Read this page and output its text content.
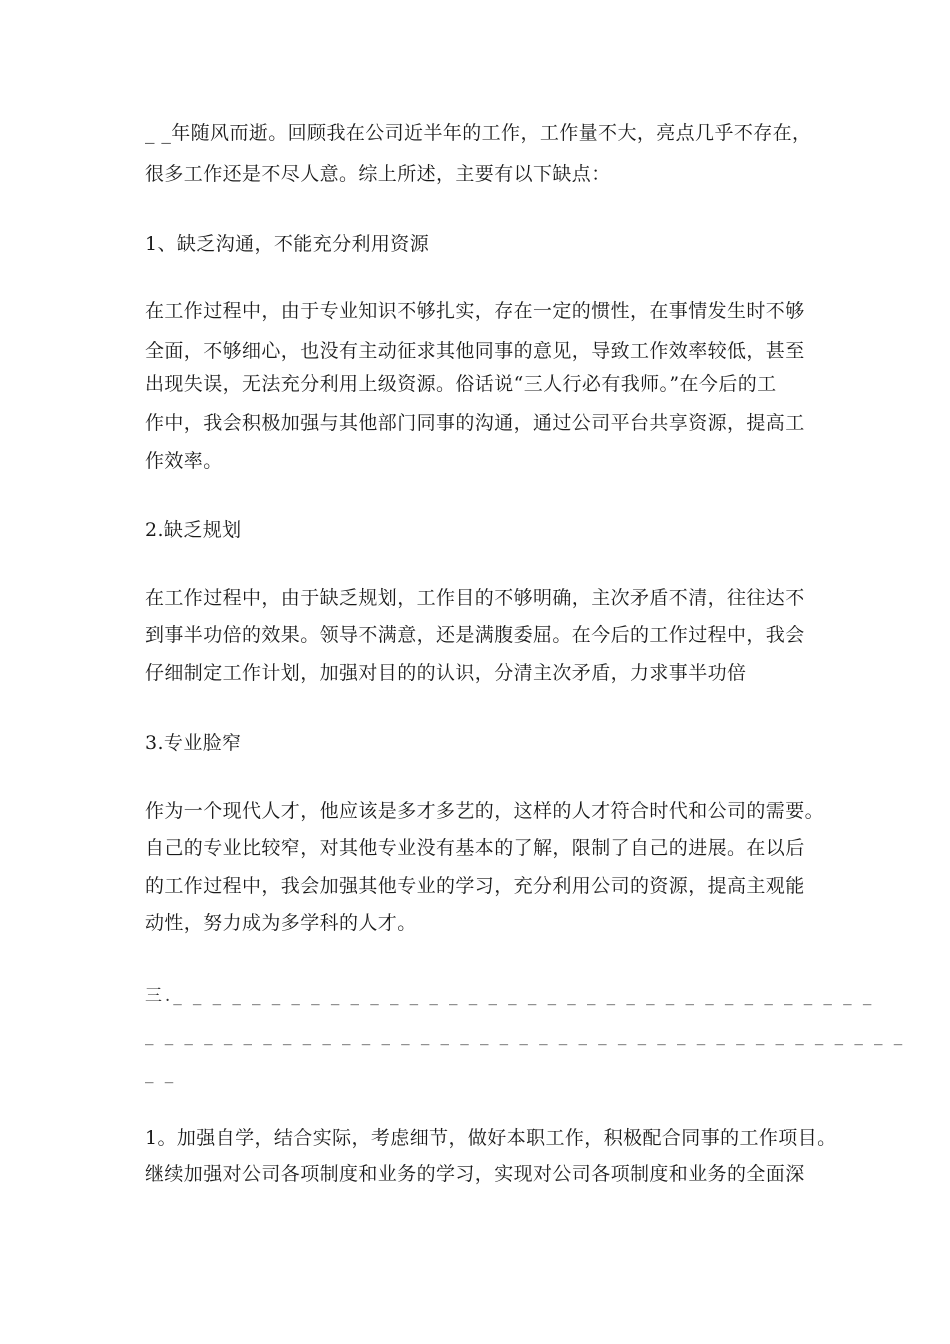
_ _年随风而逝。回顾我在公司近半年的工作，工作量不大，亮点几乎不存在，
很多工作还是不尽人意。综上所述，主要有以下缺点：
1、缺乏沟通，不能充分利用资源
在工作过程中，由于专业知识不够扎实，存在一定的惯性，在事情发生时不够
全面，不够细心，也没有主动征求其他同事的意见，导致工作效率较低，甚至
出现失误，无法充分利用上级资源。俗话说“三人行必有我师。”在今后的工
作中，我会积极加强与其他部门同事的沟通，通过公司平台共享资源，提高工
作效率。
2.缺乏规划
在工作过程中，由于缺乏规划，工作目的不够明确，主次矛盾不清，往往达不
到事半功倍的效果。领导不满意，还是满腹委屈。在今后的工作过程中，我会
仔细制定工作计划，加强对目的的认识，分清主次矛盾，力求事半功倍
3.专业脸窄
作为一个现代人才，他应该是多才多艺的，这样的人才符合时代和公司的需要。
自己的专业比较窄，对其他专业没有基本的了解，限制了自己的进展。在以后
的工作过程中，我会加强其他专业的学习，充分利用公司的资源，提高主观能
动性，努力成为多学科的人才。
三._ _ _ _ _ _ _ _ _ _ _ _ _ _ _ _ _ _ _ _ _ _ _ _ _ _ _ _ _ _ _ _ _ _ _ _
_ _ _ _ _ _ _ _ _ _ _ _ _ _ _ _ _ _ _ _ _ _ _ _ _ _ _ _ _ _ _ _ _ _ _ _ _ _ _
_ _
1。加强自学，结合实际，考虑细节，做好本职工作，积极配合同事的工作项目。
继续加强对公司各项制度和业务的学习，实现对公司各项制度和业务的全面深
